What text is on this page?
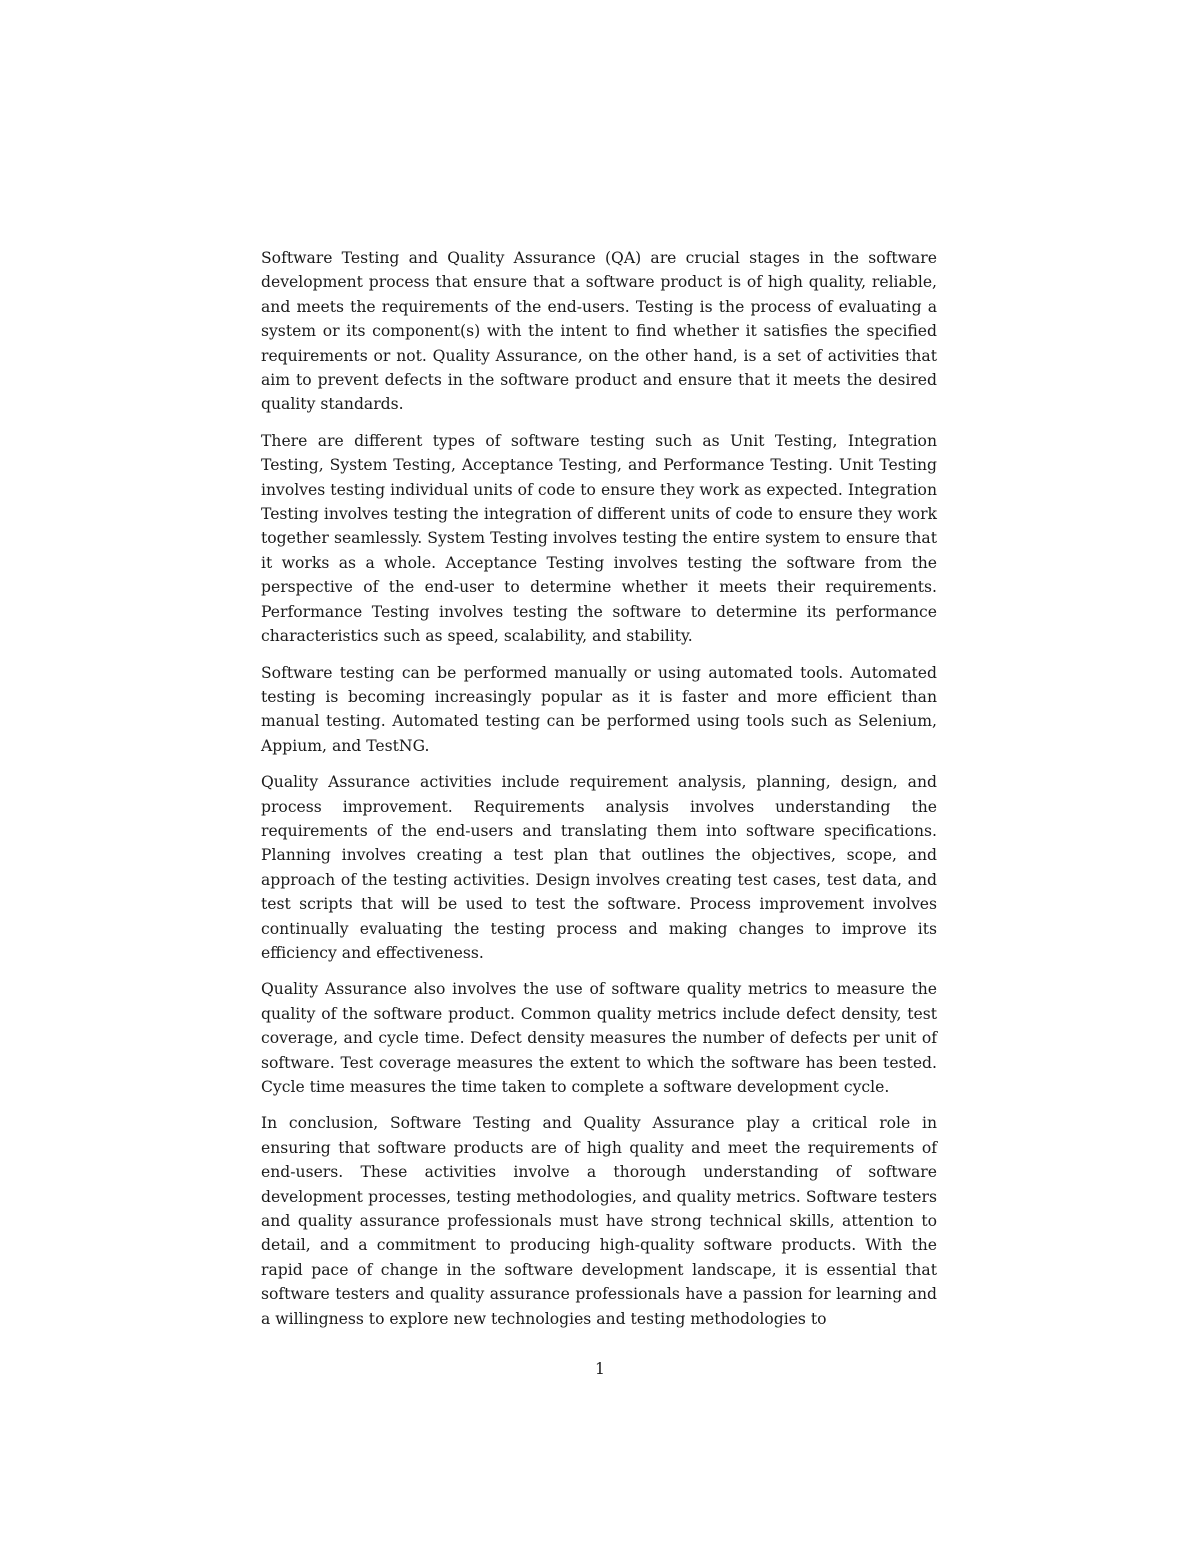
Software Testing and Quality Assurance (QA) are crucial stages in the software development process that ensure that a software product is of high quality, reliable, and meets the requirements of the end-users. Testing is the process of evaluating a system or its component(s) with the intent to find whether it satisfies the specified requirements or not. Quality Assurance, on the other hand, is a set of activities that aim to prevent defects in the software product and ensure that it meets the desired quality standards.

There are different types of software testing such as Unit Testing, Integration Testing, System Testing, Acceptance Testing, and Performance Testing. Unit Testing involves testing individual units of code to ensure they work as expected. Integration Testing involves testing the integration of different units of code to ensure they work together seamlessly. System Testing involves testing the entire system to ensure that it works as a whole. Acceptance Testing involves testing the software from the perspective of the end-user to determine whether it meets their requirements. Performance Testing involves testing the software to determine its performance characteristics such as speed, scalability, and stability.

Software testing can be performed manually or using automated tools. Automated testing is becoming increasingly popular as it is faster and more efficient than manual testing. Automated testing can be performed using tools such as Selenium, Appium, and TestNG.

Quality Assurance activities include requirement analysis, planning, design, and process improvement. Requirements analysis involves understanding the requirements of the end-users and translating them into software specifications. Planning involves creating a test plan that outlines the objectives, scope, and approach of the testing activities. Design involves creating test cases, test data, and test scripts that will be used to test the software. Process improvement involves continually evaluating the testing process and making changes to improve its efficiency and effectiveness.

Quality Assurance also involves the use of software quality metrics to measure the quality of the software product. Common quality metrics include defect density, test coverage, and cycle time. Defect density measures the number of defects per unit of software. Test coverage measures the extent to which the software has been tested. Cycle time measures the time taken to complete a software development cycle.

In conclusion, Software Testing and Quality Assurance play a critical role in ensuring that software products are of high quality and meet the requirements of end-users. These activities involve a thorough understanding of software development processes, testing methodologies, and quality metrics. Software testers and quality assurance professionals must have strong technical skills, attention to detail, and a commitment to producing high-quality software products. With the rapid pace of change in the software development landscape, it is essential that software testers and quality assurance professionals have a passion for learning and a willingness to explore new technologies and testing methodologies to

1
